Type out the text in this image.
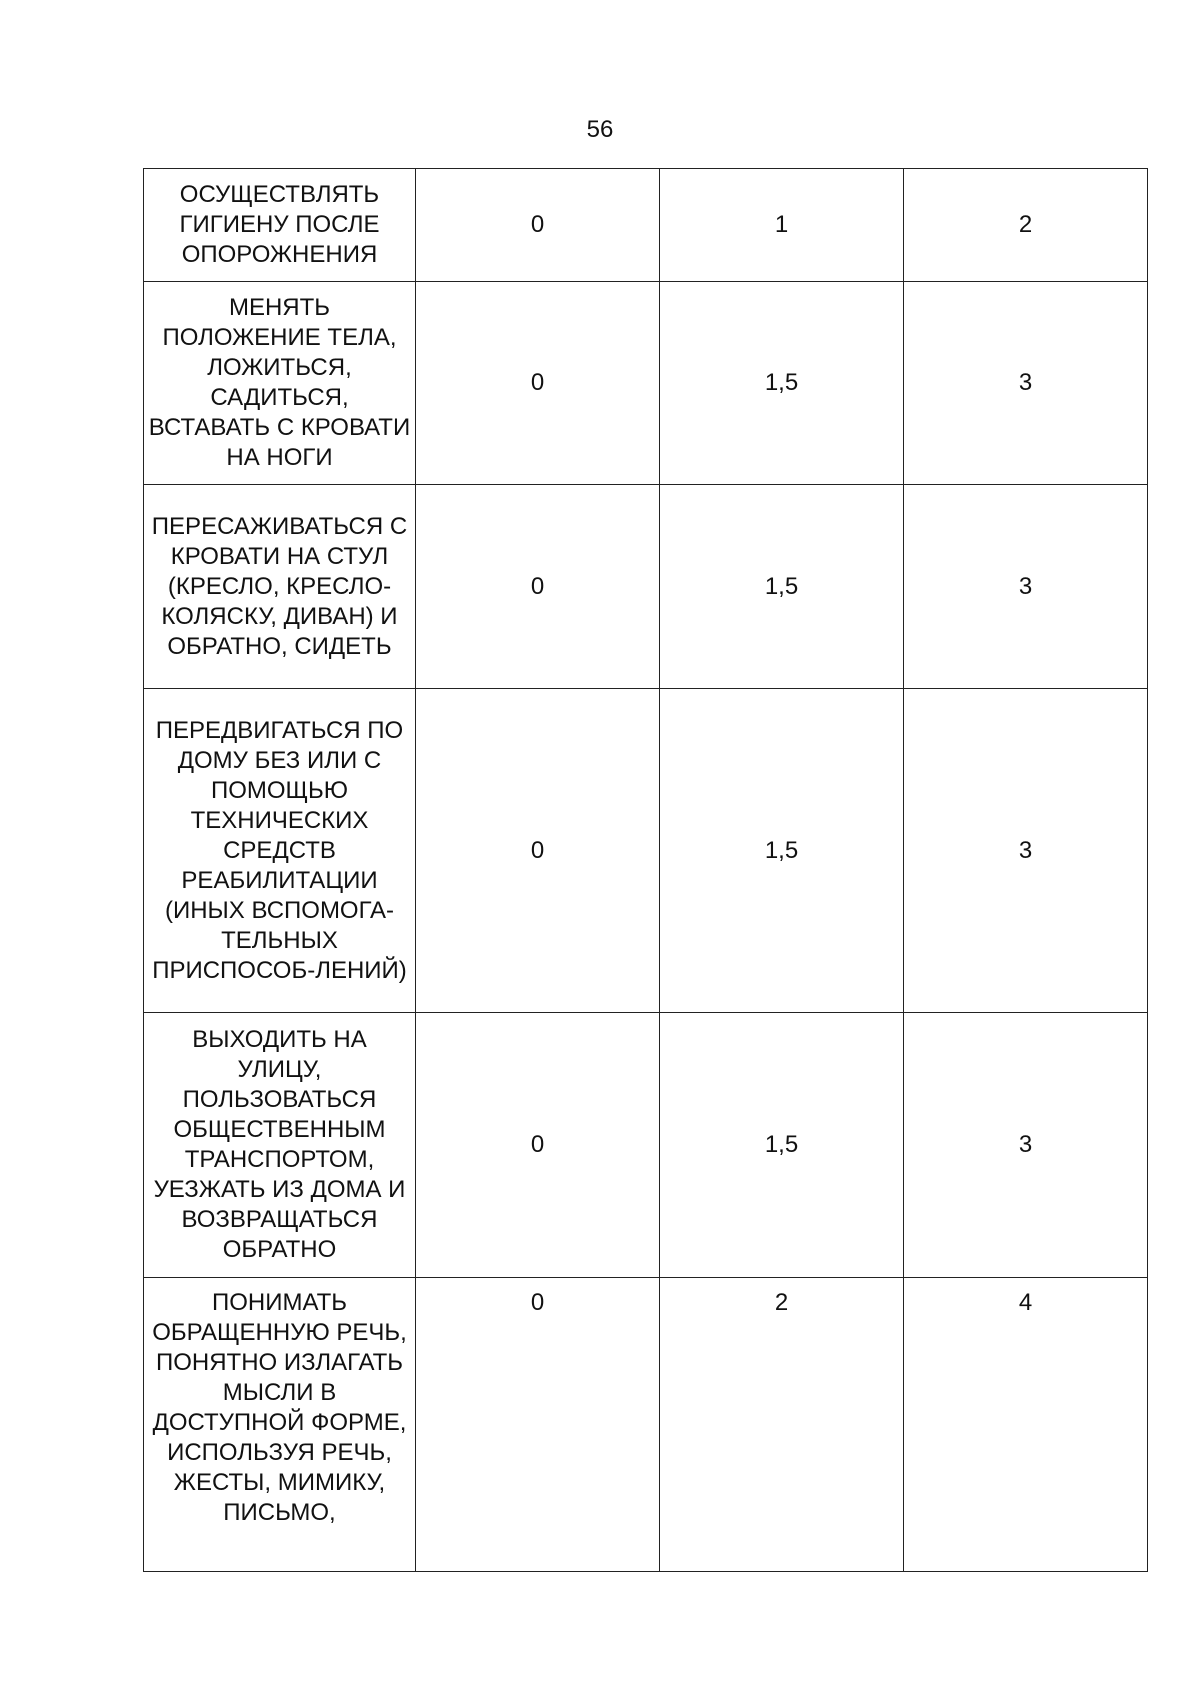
56
ОСУЩЕСТВЛЯТЬ ГИГИЕНУ ПОСЛЕ ОПОРОЖНЕНИЯ	0	1	2

МЕНЯТЬ ПОЛОЖЕНИЕ ТЕЛА, ЛОЖИТЬСЯ, САДИТЬСЯ, ВСТАВАТЬ С КРОВАТИ НА НОГИ	0	1,5	3

ПЕРЕСАЖИВАТЬСЯ С КРОВАТИ НА СТУЛ (КРЕСЛО, КРЕСЛО-КОЛЯСКУ, ДИВАН) И ОБРАТНО, СИДЕТЬ	0	1,5	3

ПЕРЕДВИГАТЬСЯ ПО ДОМУ БЕЗ ИЛИ С ПОМОЩЬЮ ТЕХНИЧЕСКИХ СРЕДСТВ РЕАБИЛИТАЦИИ (ИНЫХ ВСПОМОГА-ТЕЛЬНЫХ ПРИСПОСОБ-ЛЕНИЙ)	0	1,5	3

ВЫХОДИТЬ НА УЛИЦУ, ПОЛЬЗОВАТЬСЯ ОБЩЕСТВЕННЫМ ТРАНСПОРТОМ, УЕЗЖАТЬ ИЗ ДОМА И ВОЗВРАЩАТЬСЯ ОБРАТНО	0	1,5	3

ПОНИМАТЬ ОБРАЩЕННУЮ РЕЧЬ, ПОНЯТНО ИЗЛАГАТЬ МЫСЛИ В ДОСТУПНОЙ ФОРМЕ, ИСПОЛЬЗУЯ РЕЧЬ, ЖЕСТЫ, МИМИКУ, ПИСЬМО,	0	2	4
